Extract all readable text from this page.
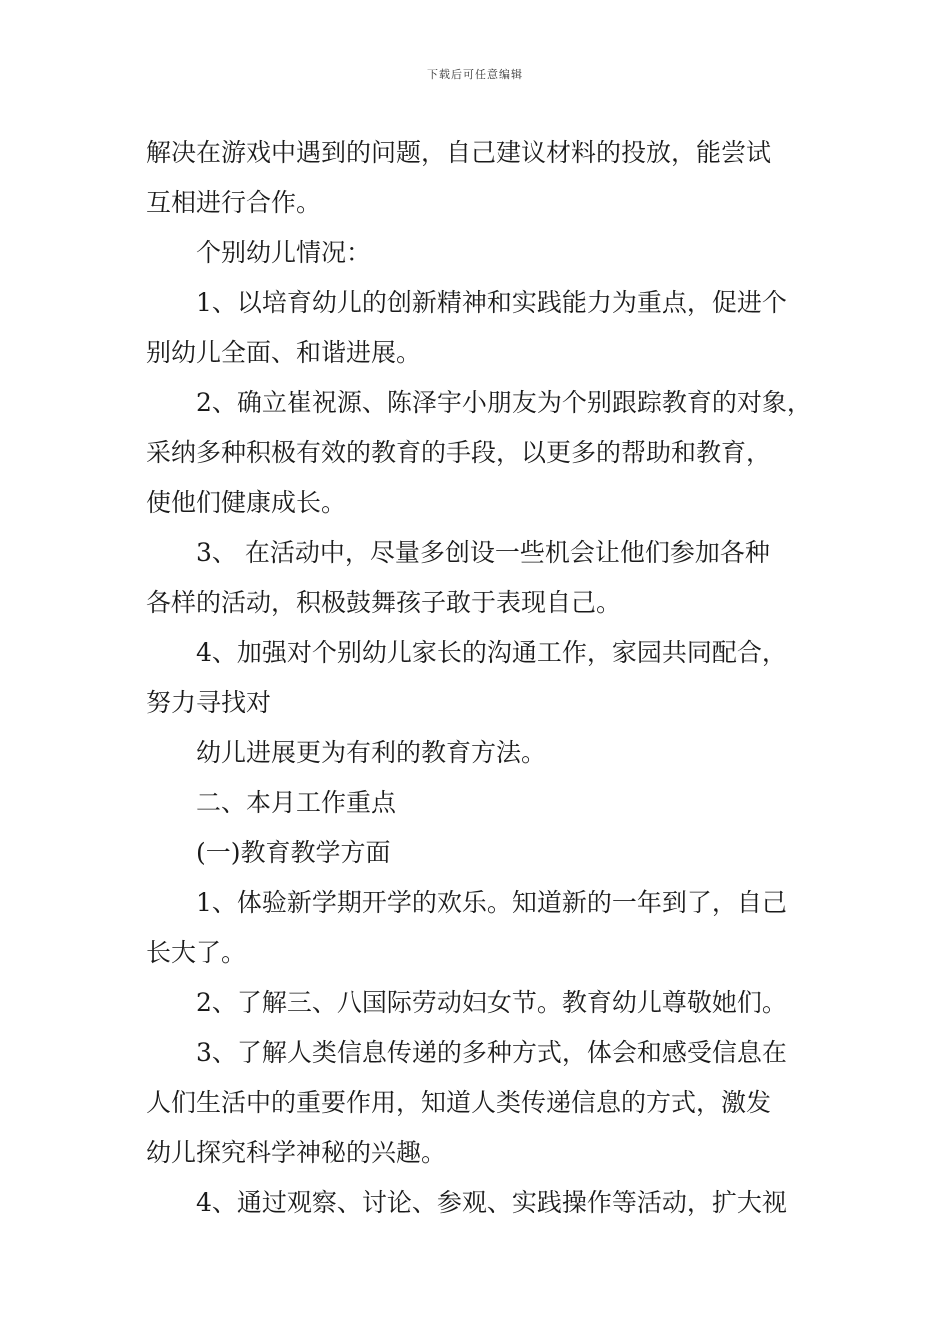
下载后可任意编辑
解决在游戏中遇到的问题，自己建议材料的投放，能尝试
互相进行合作。
个别幼儿情况：
1、以培育幼儿的创新精神和实践能力为重点，促进个
别幼儿全面、和谐进展。
2、确立崔祝源、陈泽宇小朋友为个别跟踪教育的对象，
采纳多种积极有效的教育的手段，以更多的帮助和教育，
使他们健康成长。
3、 在活动中，尽量多创设一些机会让他们参加各种
各样的活动，积极鼓舞孩子敢于表现自己。
4、加强对个别幼儿家长的沟通工作，家园共同配合，
努力寻找对
幼儿进展更为有利的教育方法。
二、本月工作重点
(一)教育教学方面
1、体验新学期开学的欢乐。知道新的一年到了，自己
长大了。
2、了解三、八国际劳动妇女节。教育幼儿尊敬她们。
3、了解人类信息传递的多种方式，体会和感受信息在
人们生活中的重要作用，知道人类传递信息的方式，激发
幼儿探究科学神秘的兴趣。
4、通过观察、讨论、参观、实践操作等活动，扩大视
